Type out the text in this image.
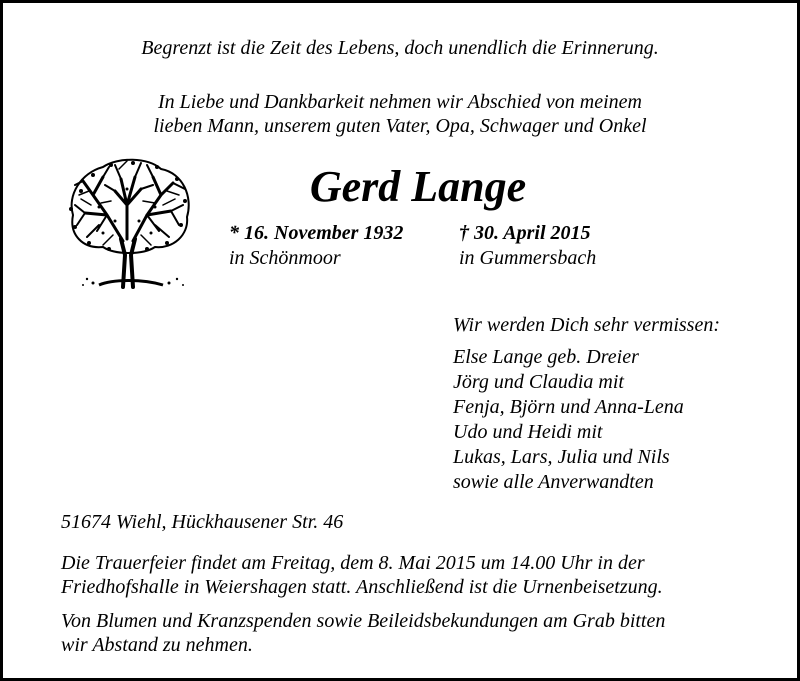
Begrenzt ist die Zeit des Lebens, doch unendlich die Erinnerung.
In Liebe und Dankbarkeit nehmen wir Abschied von meinem
lieben Mann, unserem guten Vater, Opa, Schwager und Onkel
Gerd Lange
* 16. November 1932
in Schönmoor
† 30. April 2015
in Gummersbach
Wir werden Dich sehr vermissen:
Else Lange geb. Dreier
Jörg und Claudia mit
Fenja, Björn und Anna-Lena
Udo und Heidi mit
Lukas, Lars, Julia und Nils
sowie alle Anverwandten
51674 Wiehl, Hückhausener Str. 46
Die Trauerfeier findet am Freitag, dem 8. Mai 2015 um 14.00 Uhr in der
Friedhofshalle in Weiershagen statt. Anschließend ist die Urnenbeisetzung.
Von Blumen und Kranzspenden sowie Beileidsbekundungen am Grab bitten
wir Abstand zu nehmen.
